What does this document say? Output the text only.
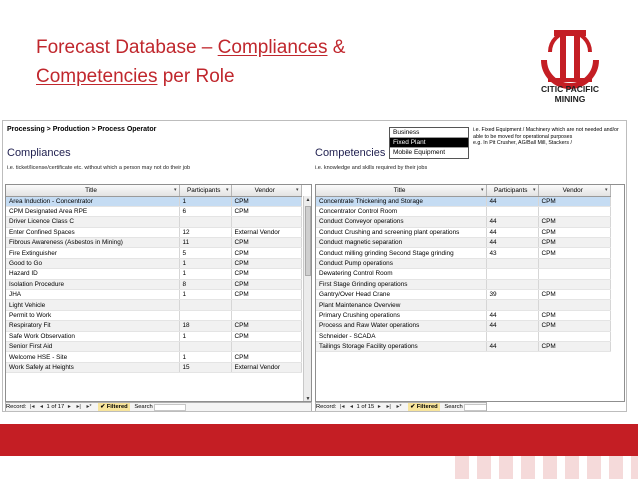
Forecast Database – Compliances &
Competencies per Role
CITIC PACIFIC
MINING
Processing > Production > Process Operator
Compliances
i.e. ticket/license/certificate etc. without which a person may not do their job
Competencies
i.e. knowledge and skills required by their jobs
Business
Fixed Plant
Mobile Equipment
i.e. Fixed Equipment / Machinery which are not needed and/or able to be moved for operational purposes
e.g. In Pit Crusher, AG/Ball Mill, Stackers /
Title ▾	Participants ▾	Vendor ▾

Area Induction - Concentrator	1	CPM
CPM Designated Area RPE	6	CPM
Driver Licence Class C		
Enter Confined Spaces	12	External Vendor
Fibrous Awareness (Asbestos in Mining)	11	CPM
Fire Extinguisher	5	CPM
Good to Go	1	CPM
Hazard ID	1	CPM
Isolation Procedure	8	CPM
JHA	1	CPM
Light Vehicle		
Permit to Work		
Respiratory Fit	18	CPM
Safe Work Observation	1	CPM
Senior First Aid		
Welcome HSE - Site	1	CPM
Work Safely at Heights	15	External Vendor
▲
▼
Record: |◂ ◂ 1 of 17 ▸ ▸| ▸* ✔ Filtered Search
Title ▾	Participants ▾	Vendor ▾

Concentrate Thickening and Storage	44	CPM
Concentrator Control Room		
Conduct Conveyor operations	44	CPM
Conduct Crushing and screening plant operations	44	CPM
Conduct magnetic separation	44	CPM
Conduct milling grinding Second Stage grinding	43	CPM
Conduct Pump operations		
Dewatering Control Room		
First Stage Grinding operations		
Gantry/Over Head Crane	39	CPM
Plant Maintenance Overview		
Primary Crushing operations	44	CPM
Process and Raw Water operations	44	CPM
Schneider - SCADA		
Tailings Storage Facility operations	44	CPM
Record: |◂ ◂ 1 of 15 ▸ ▸| ▸* ✔ Filtered Search
